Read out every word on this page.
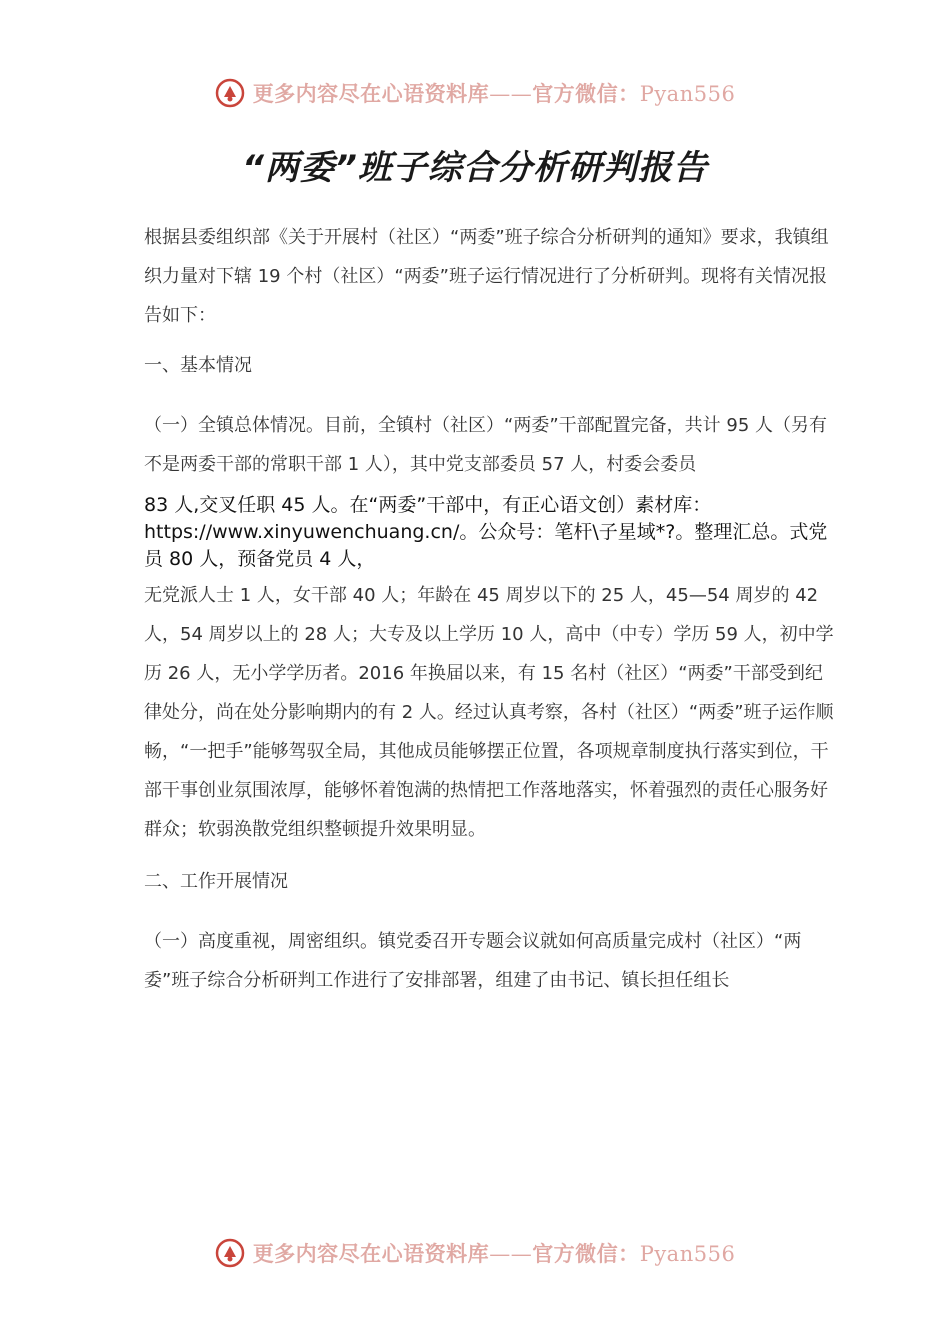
更多内容尽在心语资料库——官方微信：Pyan556
“两委”班子综合分析研判报告

根据县委组织部《关于开展村（社区）“两委”班子综合分析研判的通知》要求，我镇组织力量对下辖 19 个村（社区）“两委”班子运行情况进行了分析研判。现将有关情况报告如下：

一、基本情况

（一）全镇总体情况。目前，全镇村（社区）“两委”干部配置完备，共计 95 人（另有不是两委干部的常职干部 1 人），其中党支部委员 57 人，村委会委员

83 人,交叉任职 45 人。在“两委”干部中，有正心语文创）素材库：https://www.xinyuwenchuang.cn/。公众号：笔杆\子星域*?。整理汇总。式党员 80 人，预备党员 4 人，

无党派人士 1 人，女干部 40 人；年龄在 45 周岁以下的 25 人，45—54 周岁的 42 人，54 周岁以上的 28 人；大专及以上学历 10 人，高中（中专）学历 59 人，初中学历 26 人，无小学学历者。2016 年换届以来，有 15 名村（社区）“两委”干部受到纪律处分，尚在处分影响期内的有 2 人。经过认真考察，各村（社区）“两委”班子运作顺畅，“一把手”能够驾驭全局，其他成员能够摆正位置，各项规章制度执行落实到位，干部干事创业氛围浓厚，能够怀着饱满的热情把工作落地落实，怀着强烈的责任心服务好群众；软弱涣散党组织整顿提升效果明显。

二、工作开展情况

（一）高度重视，周密组织。镇党委召开专题会议就如何高质量完成村（社区）“两委”班子综合分析研判工作进行了安排部署，组建了由书记、镇长担任组长

更多内容尽在心语资料库——官方微信：Pyan556
